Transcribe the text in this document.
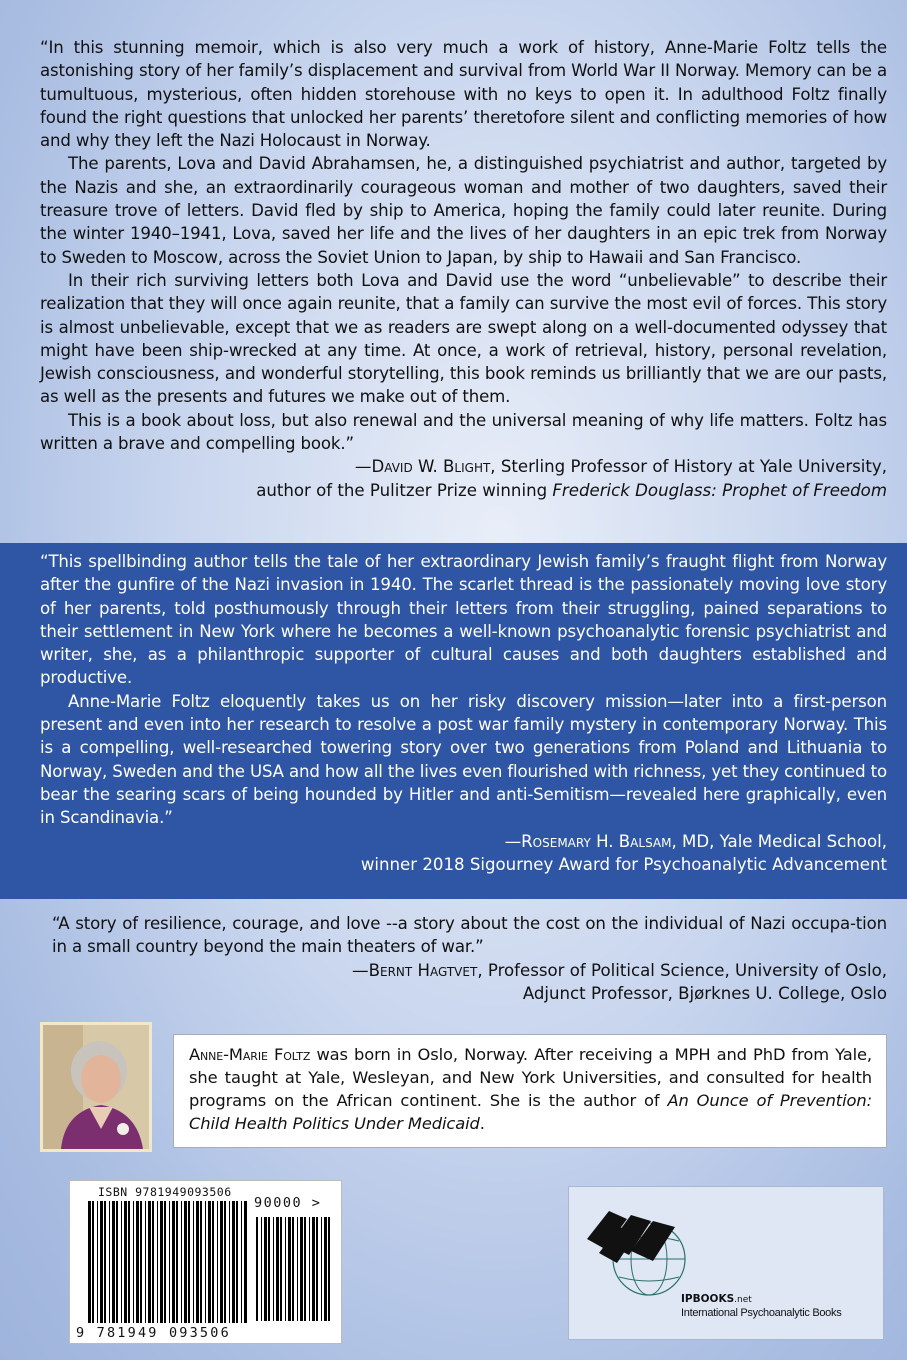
“In this stunning memoir, which is also very much a work of history, Anne-Marie Foltz tells the astonishing story of her family’s displacement and survival from World War II Norway. Memory can be a tumultuous, mysterious, often hidden storehouse with no keys to open it. In adulthood Foltz finally found the right questions that unlocked her parents’ theretofore silent and conflicting memories of how and why they left the Nazi Holocaust in Norway.

The parents, Lova and David Abrahamsen, he, a distinguished psychiatrist and author, targeted by the Nazis and she, an extraordinarily courageous woman and mother of two daughters, saved their treasure trove of letters. David fled by ship to America, hoping the family could later reunite. During the winter 1940–1941, Lova, saved her life and the lives of her daughters in an epic trek from Norway to Sweden to Moscow, across the Soviet Union to Japan, by ship to Hawaii and San Francisco.

In their rich surviving letters both Lova and David use the word “unbelievable” to describe their realization that they will once again reunite, that a family can survive the most evil of forces. This story is almost unbelievable, except that we as readers are swept along on a well-documented odyssey that might have been ship-wrecked at any time. At once, a work of retrieval, history, personal revelation, Jewish consciousness, and wonderful storytelling, this book reminds us brilliantly that we are our pasts, as well as the presents and futures we make out of them.

This is a book about loss, but also renewal and the universal meaning of why life matters. Foltz has written a brave and compelling book.”

—David W. Blight, Sterling Professor of History at Yale University,
author of the Pulitzer Prize winning Frederick Douglass: Prophet of Freedom

“This spellbinding author tells the tale of her extraordinary Jewish family’s fraught flight from Norway after the gunfire of the Nazi invasion in 1940. The scarlet thread is the passionately moving love story of her parents, told posthumously through their letters from their struggling, pained separations to their settlement in New York where he becomes a well-known psychoanalytic forensic psychiatrist and writer, she, as a philanthropic supporter of cultural causes and both daughters established and productive.

Anne-Marie Foltz eloquently takes us on her risky discovery mission—later into a first-person present and even into her research to resolve a post war family mystery in contemporary Norway. This is a compelling, well-researched towering story over two generations from Poland and Lithuania to Norway, Sweden and the USA and how all the lives even flourished with richness, yet they continued to bear the searing scars of being hounded by Hitler and anti-Semitism—revealed here graphically, even in Scandinavia.”

—Rosemary H. Balsam, MD, Yale Medical School,
winner 2018 Sigourney Award for Psychoanalytic Advancement

“A story of resilience, courage, and love --a story about the cost on the individual of Nazi occupa-tion in a small country beyond the main theaters of war.”

—Bernt Hagtvet, Professor of Political Science, University of Oslo,
Adjunct Professor, Bjørknes U. College, Oslo

Anne-Marie Foltz was born in Oslo, Norway. After receiving a MPH and PhD from Yale, she taught at Yale, Wesleyan, and New York Universities, and consulted for health programs on the African continent. She is the author of An Ounce of Prevention: Child Health Politics Under Medicaid.

ISBN 9781949093506
90000 >
9 781949 093506
IPBOOKS.net
International Psychoanalytic Books
